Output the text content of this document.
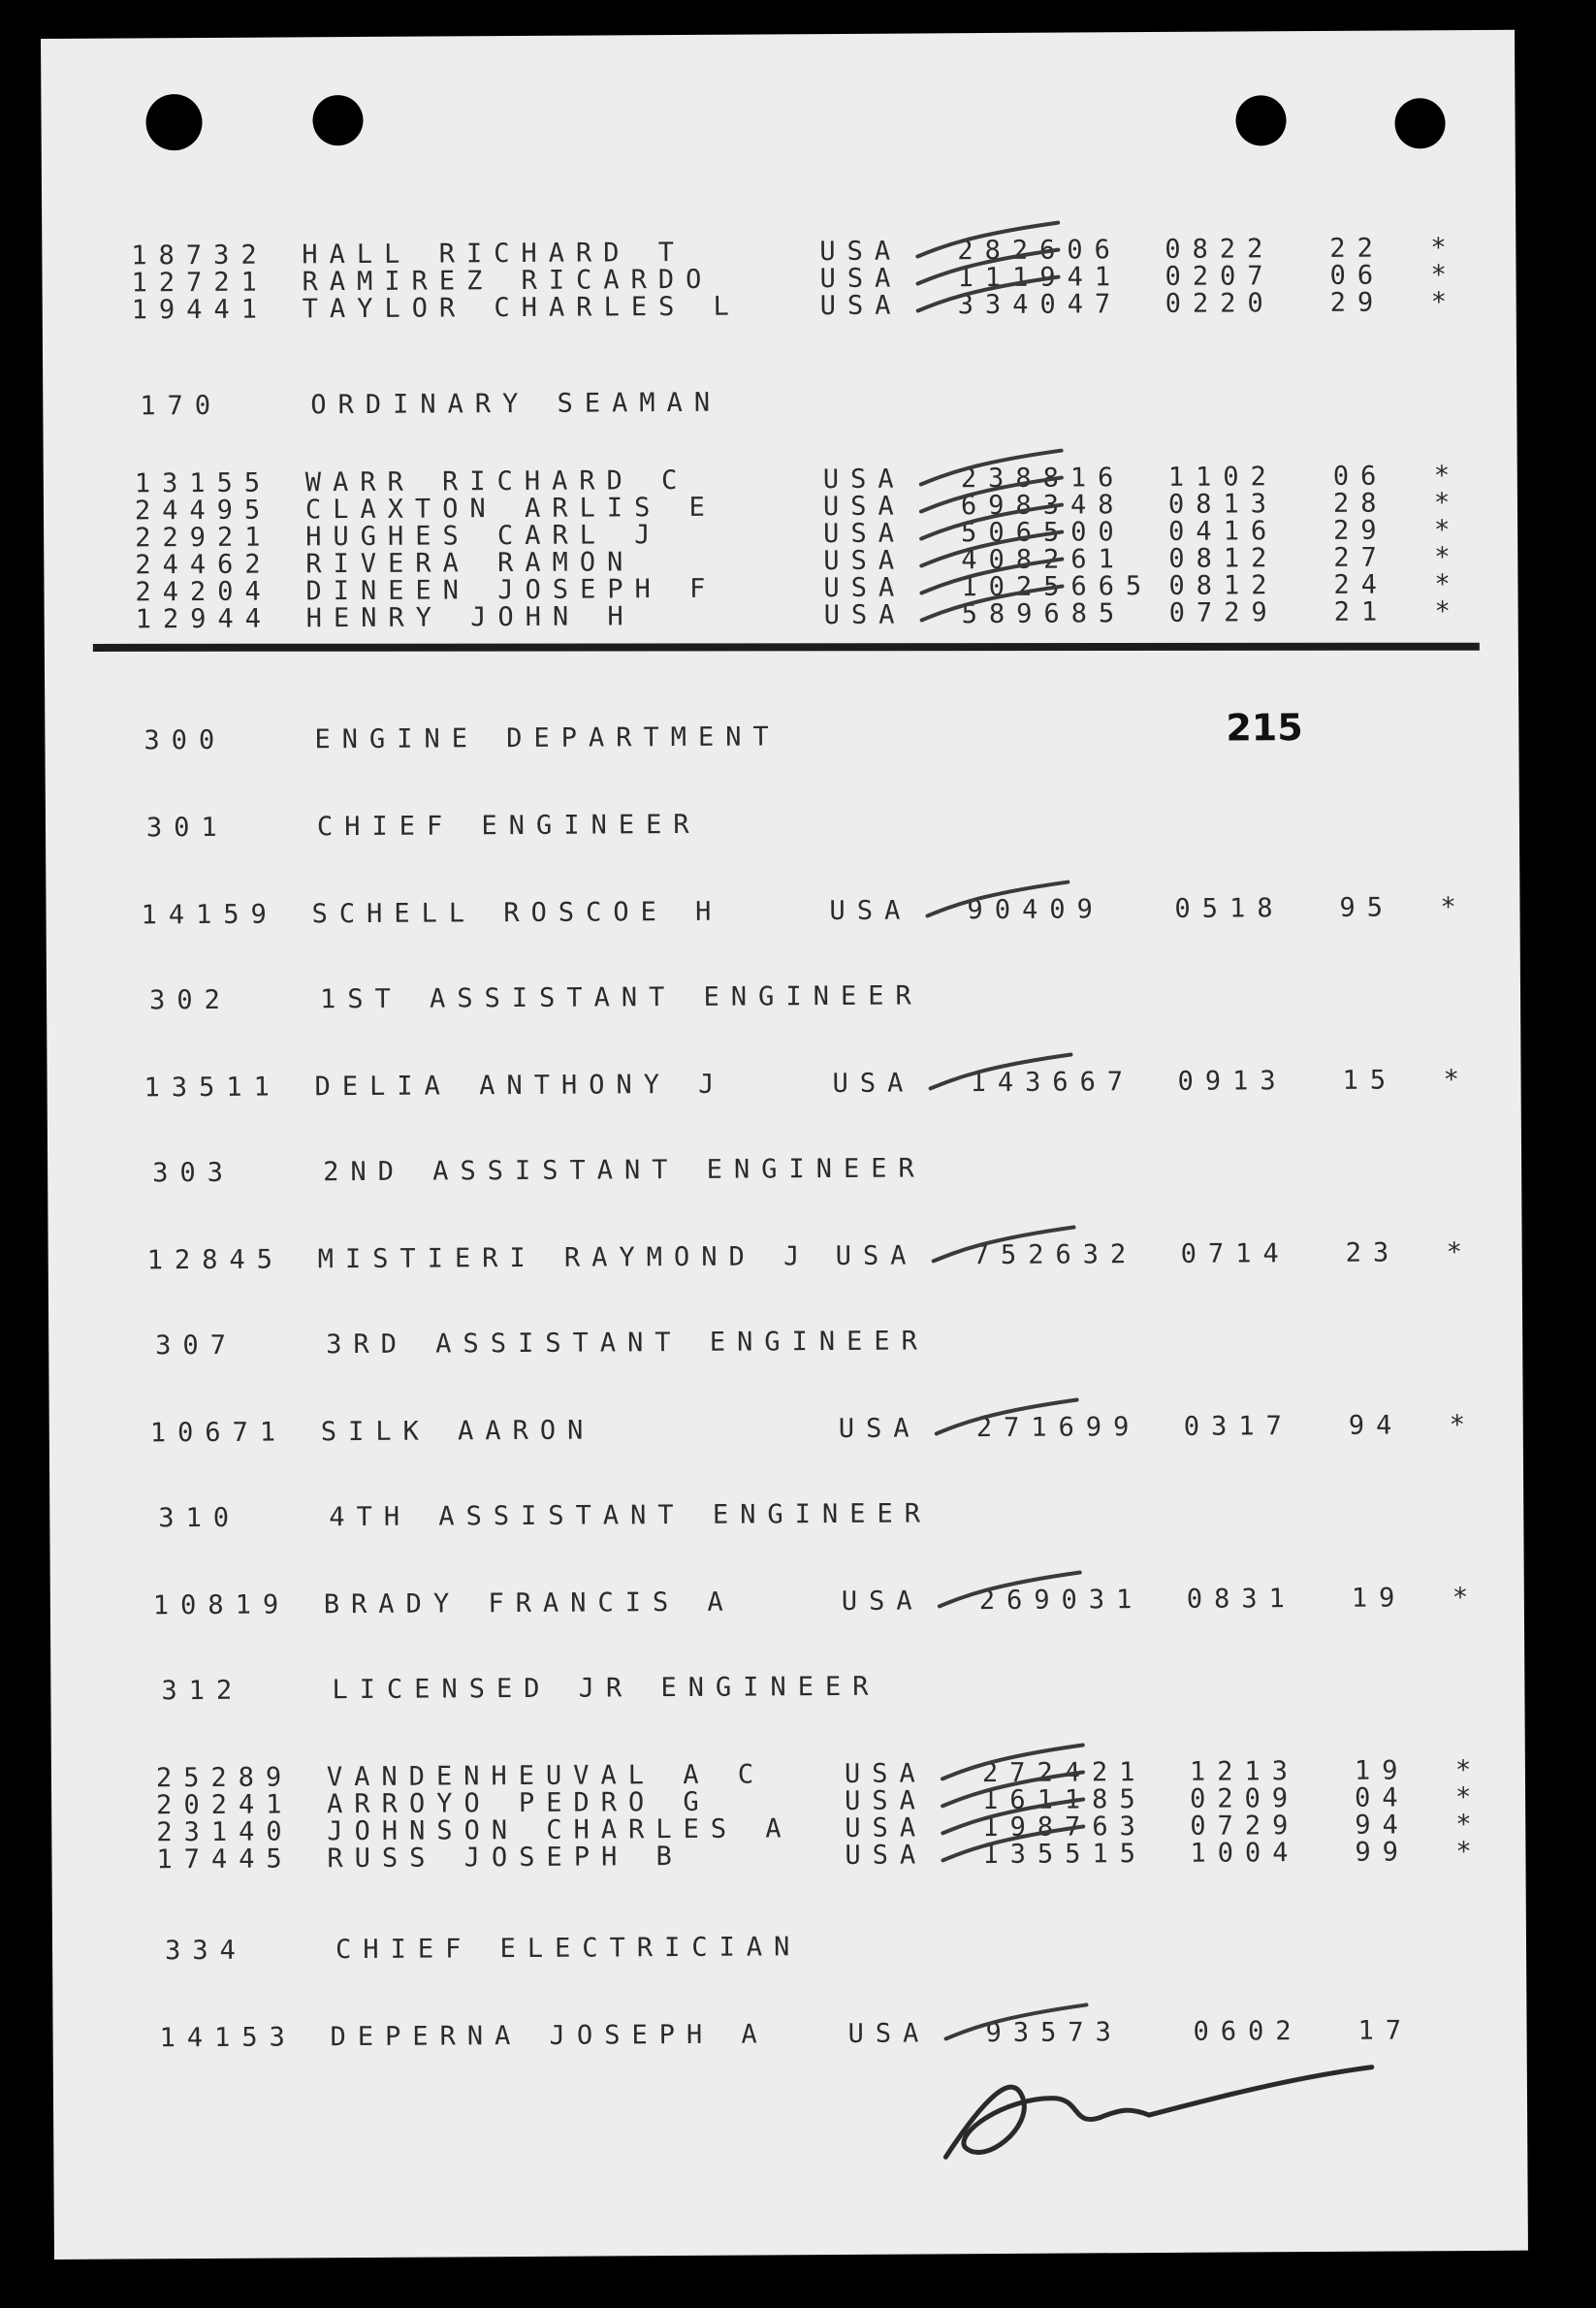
18732 HALL RICHARD T	USA 282606 0822 22 *
12721 RAMIREZ RICARDO	USA 111941 0207 06 *
19441 TAYLOR CHARLES L	USA 334047 0220 29 *
170	ORDINARY SEAMAN
13155 WARR RICHARD C	USA 238816 1102 06 *
24495 CLAXTON ARLIS E	USA 698348 0813 28 *
22921 HUGHES CARL J	USA 506500 0416 29 *
24462 RIVERA RAMON	USA 408261 0812 27 *
24204 DINEEN JOSEPH F	USA 1025665 0812 24 *
12944 HENRY JOHN H	USA 589685 0729 21 *
300	ENGINE DEPARTMENT
301	CHIEF ENGINEER
14159 SCHELL ROSCOE H	USA 90409	0518 95 *
302	1ST ASSISTANT ENGINEER
13511 DELIA ANTHONY J	USA 143667 0913 15 *
303	2ND ASSISTANT ENGINEER
12845 MISTIERI RAYMOND J USA 752632 0714 23 *
307	3RD ASSISTANT ENGINEER
10671 SILK AARON	USA 271699 0317 94 *
310	4TH ASSISTANT ENGINEER
10819 BRADY FRANCIS A	USA 269031 0831 19 *
312	LICENSED JR ENGINEER
25289 VANDENHEUVAL A C	USA 272421 1213 19 *
20241 ARROYO PEDRO G	USA 161185 0209 04 *
23140 JOHNSON CHARLES A USA 198763 0729 94 *
17445 RUSS JOSEPH B	USA 135515 1004 99 *
334	CHIEF ELECTRICIAN
14153 DEPERNA JOSEPH A	USA 93573	0602 17
215
